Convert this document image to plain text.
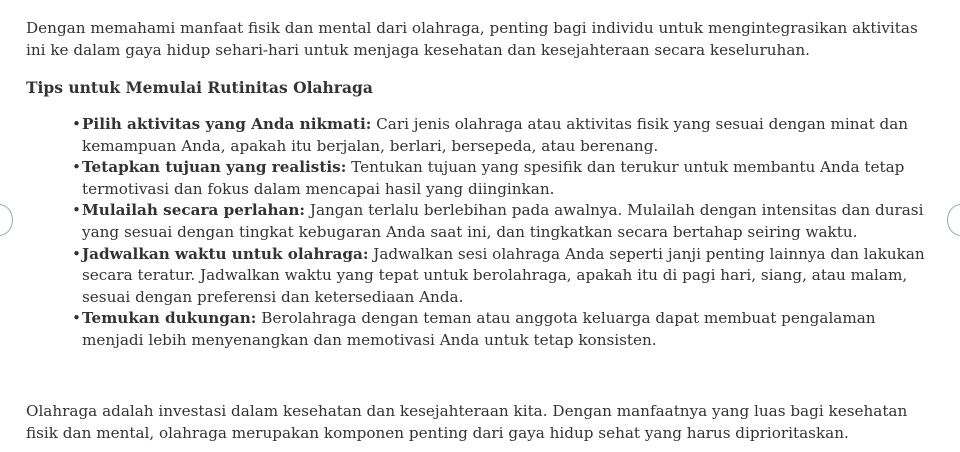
Dengan memahami manfaat fisik dan mental dari olahraga, penting bagi individu untuk mengintegrasikan aktivitas ini ke dalam gaya hidup sehari-hari untuk menjaga kesehatan dan kesejahteraan secara keseluruhan.

Tips untuk Memulai Rutinitas Olahraga
•Pilih aktivitas yang Anda nikmati: Cari jenis olahraga atau aktivitas fisik yang sesuai dengan minat dan kemampuan Anda, apakah itu berjalan, berlari, bersepeda, atau berenang.
•Tetapkan tujuan yang realistis: Tentukan tujuan yang spesifik dan terukur untuk membantu Anda tetap termotivasi dan fokus dalam mencapai hasil yang diinginkan.
•Mulailah secara perlahan: Jangan terlalu berlebihan pada awalnya. Mulailah dengan intensitas dan durasi yang sesuai dengan tingkat kebugaran Anda saat ini, dan tingkatkan secara bertahap seiring waktu.
•Jadwalkan waktu untuk olahraga: Jadwalkan sesi olahraga Anda seperti janji penting lainnya dan lakukan secara teratur. Jadwalkan waktu yang tepat untuk berolahraga, apakah itu di pagi hari, siang, atau malam, sesuai dengan preferensi dan ketersediaan Anda.
•Temukan dukungan: Berolahraga dengan teman atau anggota keluarga dapat membuat pengalaman menjadi lebih menyenangkan dan memotivasi Anda untuk tetap konsisten.

Olahraga adalah investasi dalam kesehatan dan kesejahteraan kita. Dengan manfaatnya yang luas bagi kesehatan fisik dan mental, olahraga merupakan komponen penting dari gaya hidup sehat yang harus diprioritaskan.
